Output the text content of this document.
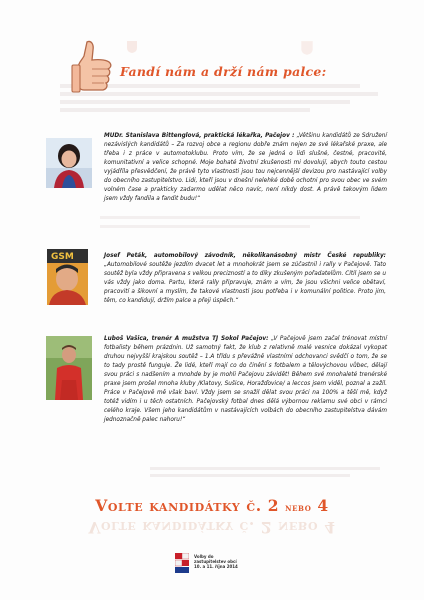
Fandí nám a drží nám palce:
MUDr. Stanislava Bittenglová, praktická lékařka, Pačejov : „Většinu kandidátů ze Sdružení nezávislých kandidátů – Za rozvoj obce a regionu dobře znám nejen ze své lékařské praxe, ale třeba i z práce v automotoklubu. Proto vím, že se jedná o lidi slušné, čestné, pracovité, komunitativní a velice schopné. Moje bohaté životní zkušenosti mi dovolují, abych touto cestou vyjádřila přesvědčení, že právě tyto vlastnosti jsou tou nejcennější devizou pro nastávající volby do obecního zastupitelstvo. Lidi, kteří jsou v dnešní nelehké době ochotni pro svou obec ve svém volném čase a prakticky zadarmo udělat něco navíc, není nikdy dost. A právě takovým lidem jsem vždy fandila a fandit budu!“
GSM	Josef Peták, automobilový závodník, několikanásobný mistr České republiky: „Automobilové soutěže jezdím dvacet let a mnohokrát jsem se zúčastnil i rally v Pačejově. Tato soutěž byla vždy připravena s velkou precizností a to díky zkušeným pořadatelům. Cítil jsem se u vás vždy jako doma. Partu, která rally připravuje, znám a vím, že jsou všichni velice obětaví, pracovití a šikovní a myslím, že takové vlastnosti jsou potřeba i v komunální politice. Proto jim, těm, co kandidují, držím palce a přeji úspěch.“
Luboš Vašica, trenér A mužstva TJ Sokol Pačejov: „V Pačejově jsem začal trénovat místní fotbalisty během prázdnin. Už samotný fakt, že klub z relativně malé vesnice dokázal vykopat druhou nejvyšší krajskou soutěž – 1.A třídu s převážně vlastními odchovanci svědčí o tom, že se to tady prostě funguje. Že lidé, kteří mají co do činění s fotbalem a tělovýchovou vůbec, dělají svou práci s nadšením a mnohde by je mohli Pačejovu závidět! Během své mnohaleté trenérské praxe jsem prošel mnoha kluby /Klatovy, Sušice, Horažďovice/ a leccos jsem viděl, poznal a zažil. Práce v Pačejově mě však baví. Vždy jsem se snažil dělat svou práci na 100% a těší mě, když totéž vidím i u těch ostatních. Pačejovský fotbal dnes dělá výbornou reklamu své obci v rámci celého kraje. Všem jeho kandidátům v nastávajících volbách do obecního zastupitelstva dávám jednoznačně palec nahoru!“
Volte kandidátky č. 2 nebo 4
Volte kandidátky č. 2 nebo 4
Volby do
zastupitelstev obcí
10. a 11. října 2014
